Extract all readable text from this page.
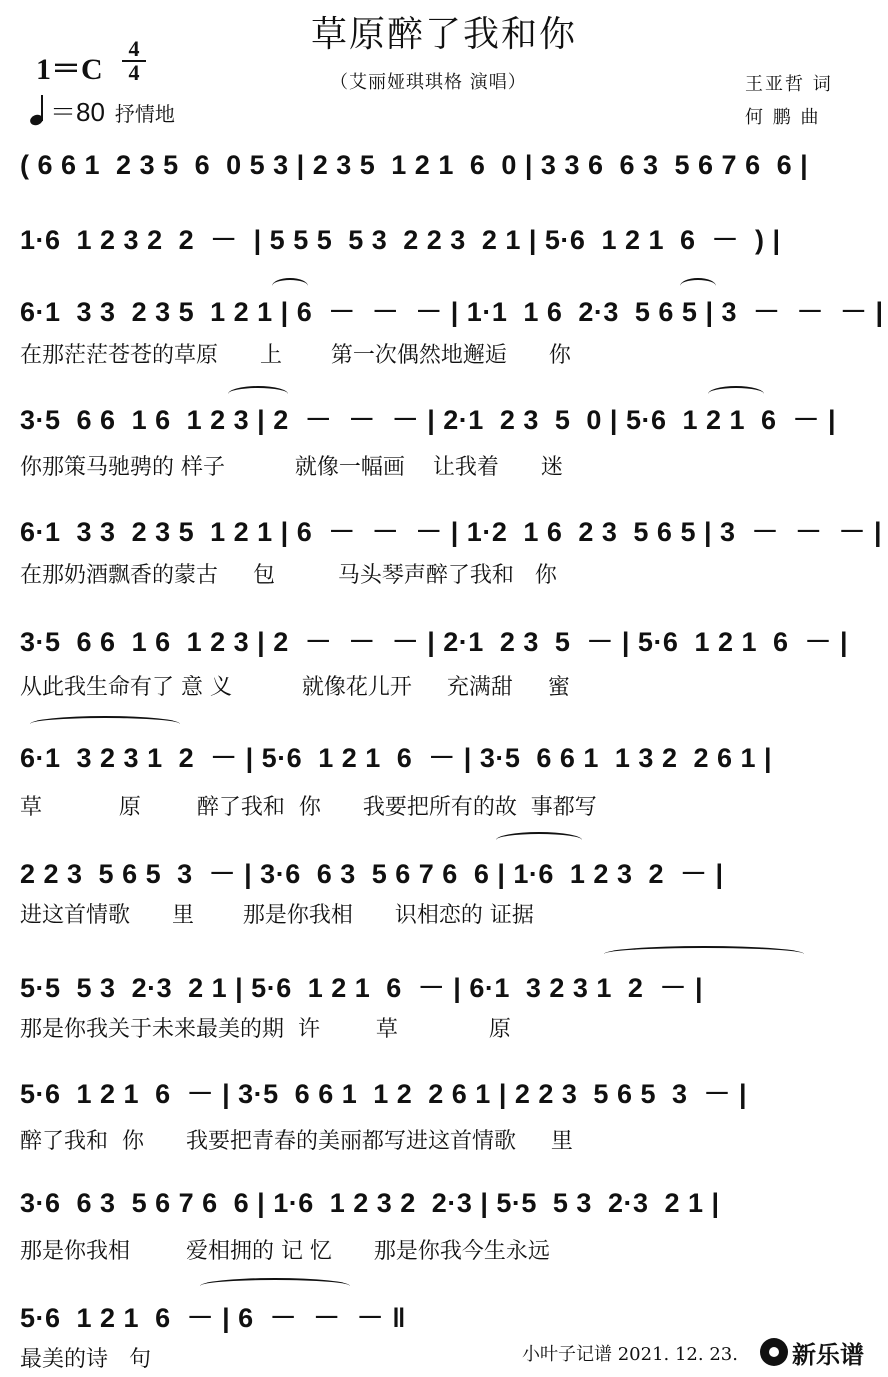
草原醉了我和你
$1=C \frac{4}{4}$
＝80 抒情地
（艾丽娅琪琪格 演唱）	王亚哲 词
何 鹏 曲
( 6 6 1  2 3 5  6  0 5 3 | 2 3 5  1 2 1  6  0 | 3 3 6  6 3  5 6 7 6  6 |
1·6  1 2 3 2  2  －  | 5 5 5  5 3  2 2 3  2 1 | 5·6  1 2 1  6  －  ) |
6·1  3 3  2 3 5  1 2 1 | 6  －  －  － | 1·1  1 6  2·3  5 6 5 | 3  －  －  － |
在那茫茫苍苍的草原      上       第一次偶然地邂逅      你
3·5  6 6  1 6  1 2 3 | 2  －  －  － | 2·1  2 3  5  0 | 5·6  1 2 1  6  － |
你那策马驰骋的 样子          就像一幅画    让我着      迷
6·1  3 3  2 3 5  1 2 1 | 6  －  －  － | 1·2  1 6  2 3  5 6 5 | 3  －  －  － |
在那奶酒飘香的蒙古     包         马头琴声醉了我和   你
3·5  6 6  1 6  1 2 3 | 2  －  －  － | 2·1  2 3  5  － | 5·6  1 2 1  6  － |
从此我生命有了 意 义          就像花儿开     充满甜     蜜
6·1  3 2 3 1  2  － | 5·6  1 2 1  6  － | 3·5  6 6 1  1 3 2  2 6 1 |
草           原        醉了我和  你      我要把所有的故  事都写
2 2 3  5 6 5  3  － | 3·6  6 3  5 6 7 6  6 | 1·6  1 2 3  2  － |
进这首情歌      里       那是你我相      识相恋的 证据
5·5  5 3  2·3  2 1 | 5·6  1 2 1  6  － | 6·1  3 2 3 1  2  － |
那是你我关于未来最美的期  许        草             原
5·6  1 2 1  6  － | 3·5  6 6 1  1 2  2 6 1 | 2 2 3  5 6 5  3  － |
醉了我和  你      我要把青春的美丽都写进这首情歌     里
3·6  6 3  5 6 7 6  6 | 1·6  1 2 3 2  2·3 | 5·5  5 3  2·3  2 1 |
那是你我相        爱相拥的 记 忆      那是你我今生永远
5·6  1 2 1  6  － | 6  －  －  － ‖
最美的诗   句	小叶子记谱 2021. 12. 23. 新乐谱
